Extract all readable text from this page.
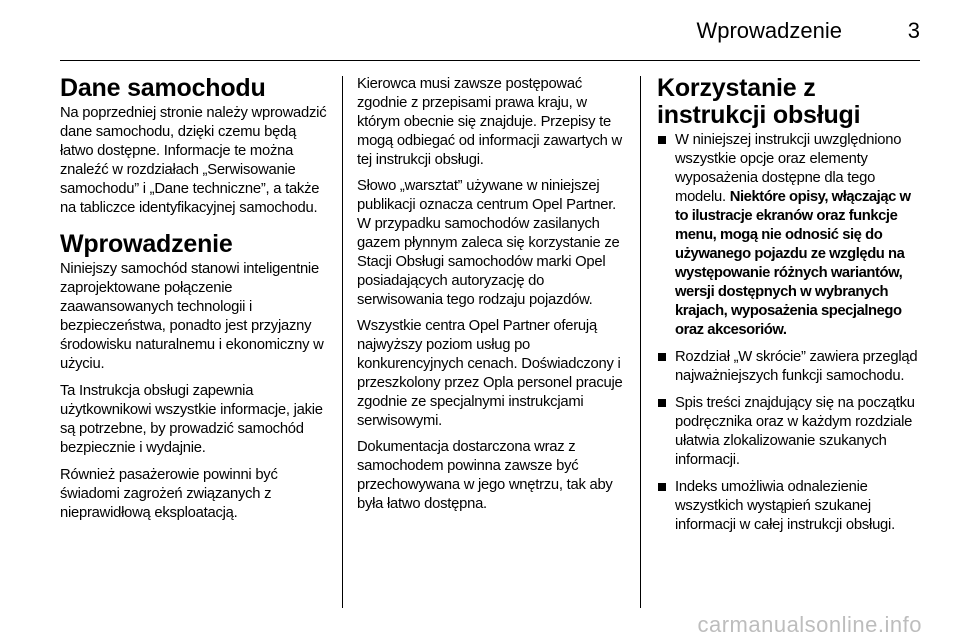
Wprowadzenie	3
Dane samochodu

Na poprzedniej stronie należy wprowadzić dane samochodu, dzięki czemu będą łatwo dostępne. Informacje te można znaleźć w rozdziałach „Serwisowanie samochodu” i „Dane techniczne”, a także na tabliczce identyfikacyjnej samochodu.

Wprowadzenie

Niniejszy samochód stanowi inteligentnie zaprojektowane połączenie zaawansowanych technologii i bezpieczeństwa, ponadto jest przyjazny środowisku naturalnemu i ekonomiczny w użyciu.

Ta Instrukcja obsługi zapewnia użytkownikowi wszystkie informacje, jakie są potrzebne, by prowadzić samochód bezpiecznie i wydajnie.

Również pasażerowie powinni być świadomi zagrożeń związanych z nieprawidłową eksploatacją.

Kierowca musi zawsze postępować zgodnie z przepisami prawa kraju, w którym obecnie się znajduje. Przepisy te mogą odbiegać od informacji zawartych w tej instrukcji obsługi.

Słowo „warsztat” używane w niniejszej publikacji oznacza centrum Opel Partner. W przypadku samochodów zasilanych gazem płynnym zaleca się korzystanie ze Stacji Obsługi samochodów marki Opel posiadających autoryzację do serwisowania tego rodzaju pojazdów.

Wszystkie centra Opel Partner oferują najwyższy poziom usług po konkurencyjnych cenach. Doświadczony i przeszkolony przez Opla personel pracuje zgodnie ze specjalnymi instrukcjami serwisowymi.

Dokumentacja dostarczona wraz z samochodem powinna zawsze być przechowywana w jego wnętrzu, tak aby była łatwo dostępna.

Korzystanie z instrukcji obsługi
W niniejszej instrukcji uwzględniono wszystkie opcje oraz elementy wyposażenia dostępne dla tego modelu. Niektóre opisy, włączając w to ilustracje ekranów oraz funkcje menu, mogą nie odnosić się do używanego pojazdu ze względu na występowanie różnych wariantów, wersji dostępnych w wybranych krajach, wyposażenia specjalnego oraz akcesoriów.
Rozdział „W skrócie” zawiera przegląd najważniejszych funkcji samochodu.
Spis treści znajdujący się na początku podręcznika oraz w każdym rozdziale ułatwia zlokalizowanie szukanych informacji.
Indeks umożliwia odnalezienie wszystkich wystąpień szukanej informacji w całej instrukcji obsługi.
carmanualsonline.info
